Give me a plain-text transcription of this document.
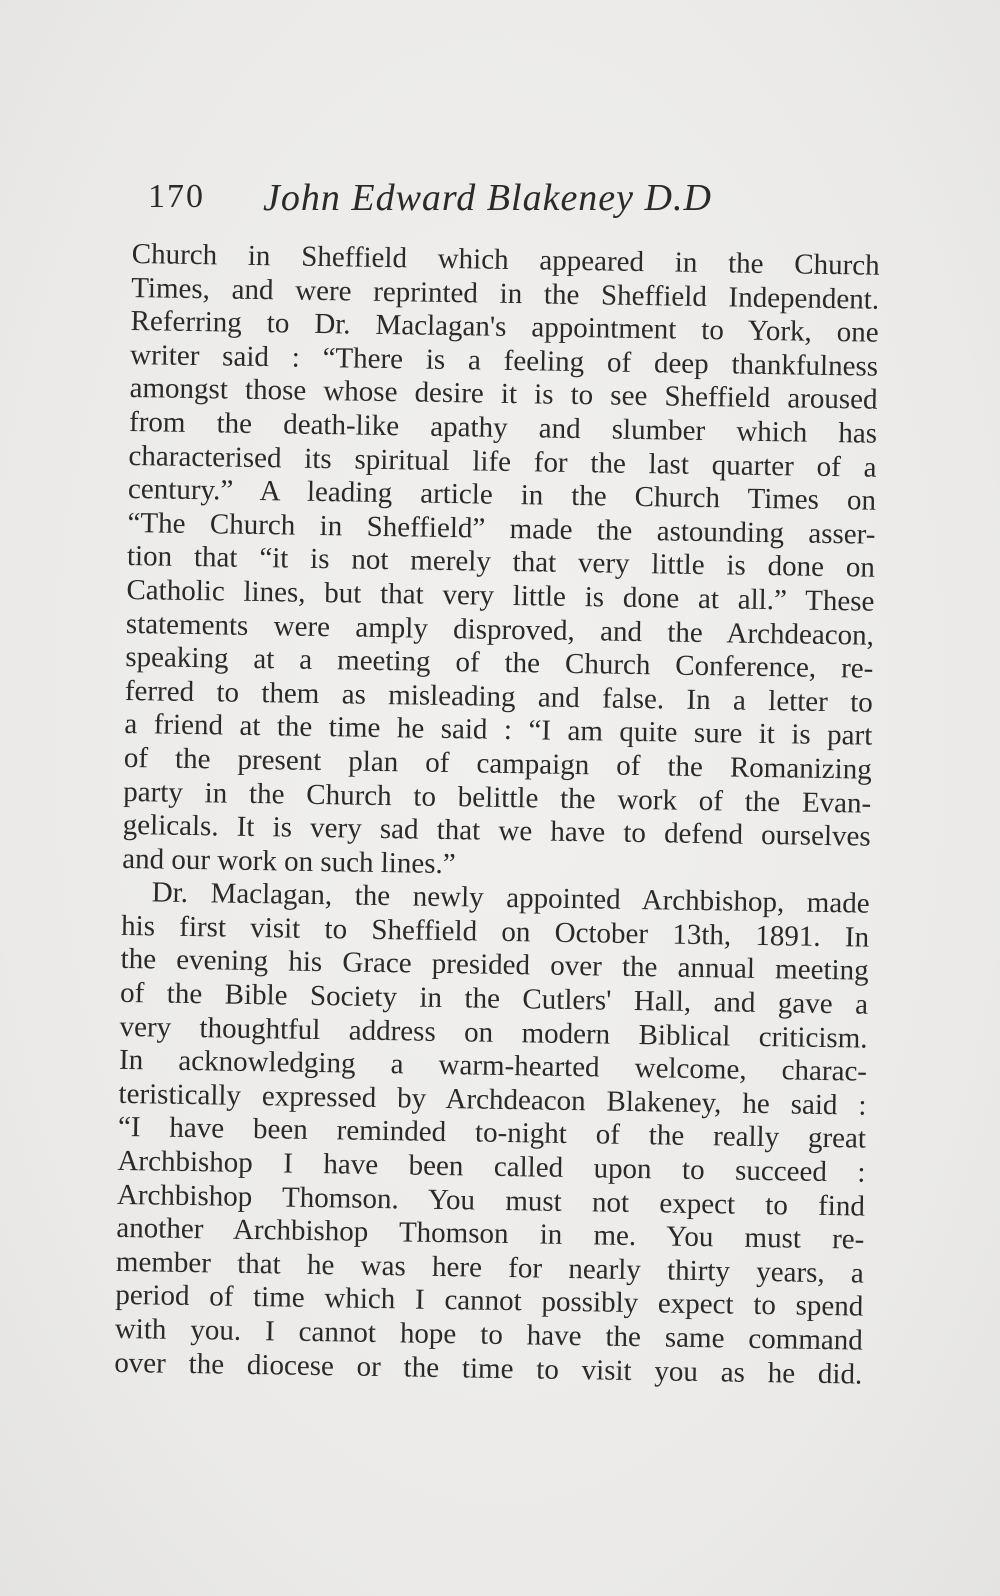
170 John Edward Blakeney D.D
Church in Sheffield which appeared in the Church
Times, and were reprinted in the Sheffield Independent.
Referring to Dr. Maclagan's appointment to York, one
writer said : “There is a feeling of deep thankfulness
amongst those whose desire it is to see Sheffield aroused
from the death-like apathy and slumber which has
characterised its spiritual life for the last quarter of a
century.” A leading article in the Church Times on
“The Church in Sheffield” made the astounding asser-
tion that “it is not merely that very little is done on
Catholic lines, but that very little is done at all.” These
statements were amply disproved, and the Archdeacon,
speaking at a meeting of the Church Conference, re-
ferred to them as misleading and false. In a letter to
a friend at the time he said : “I am quite sure it is part
of the present plan of campaign of the Romanizing
party in the Church to belittle the work of the Evan-
gelicals. It is very sad that we have to defend ourselves
and our work on such lines.”
Dr. Maclagan, the newly appointed Archbishop, made
his first visit to Sheffield on October 13th, 1891. In
the evening his Grace presided over the annual meeting
of the Bible Society in the Cutlers' Hall, and gave a
very thoughtful address on modern Biblical criticism.
In acknowledging a warm-hearted welcome, charac-
teristically expressed by Archdeacon Blakeney, he said :
“I have been reminded to-night of the really great
Archbishop I have been called upon to succeed :
Archbishop Thomson. You must not expect to find
another Archbishop Thomson in me. You must re-
member that he was here for nearly thirty years, a
period of time which I cannot possibly expect to spend
with you. I cannot hope to have the same command
over the diocese or the time to visit you as he did.
